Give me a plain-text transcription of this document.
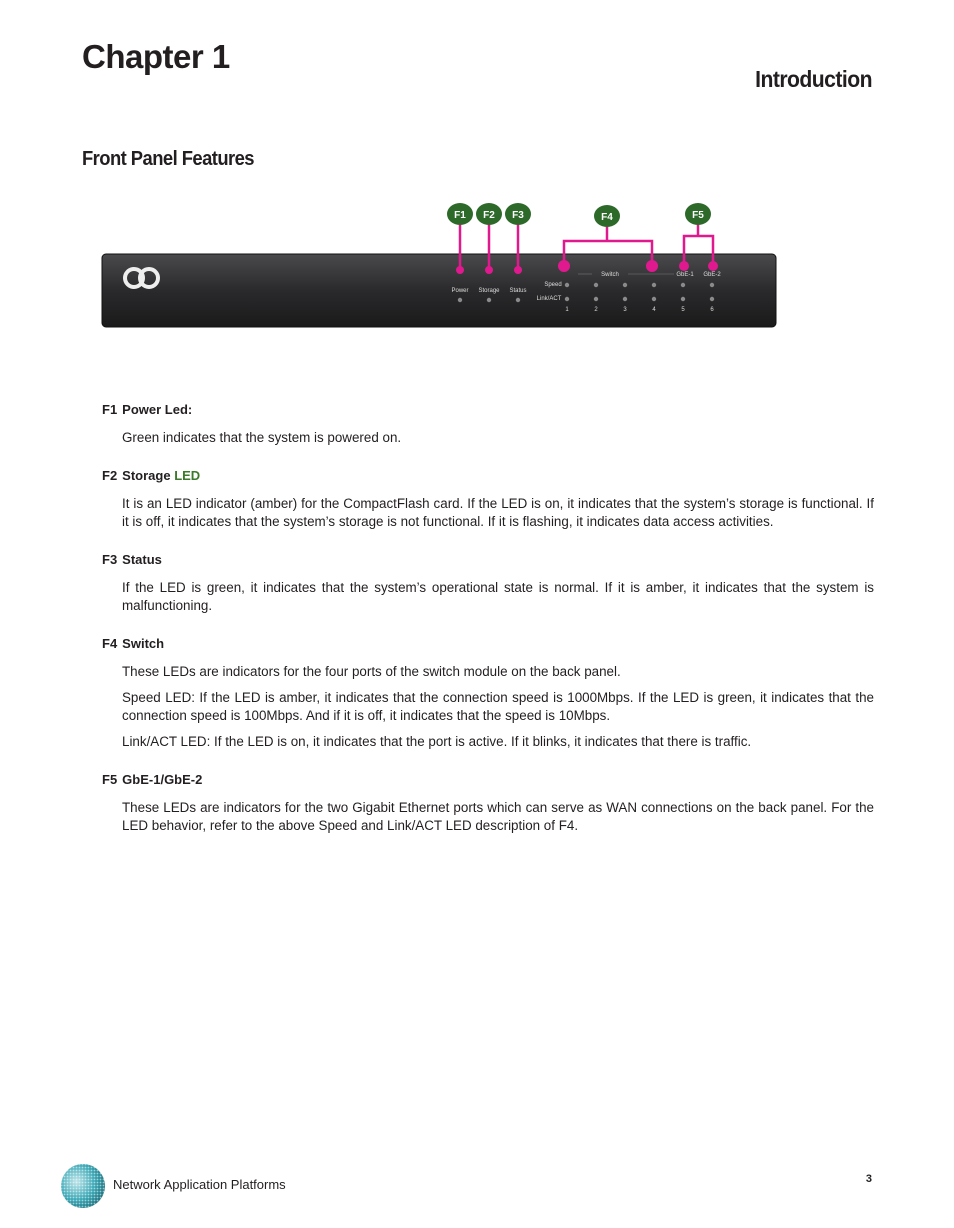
Chapter 1
Introduction
Front Panel Features
F1 F2 F3	F4	F5
Power Storage Status
Switch
Speed
Link/ACT
GbE-1 GbE-2
1	2	3	4	5	6
F1 Power Led:

Green indicates that the system is powered on.

F2 Storage LED

It is an LED indicator (amber) for the CompactFlash card. If the LED is on, it indicates that the system’s storage is functional. If it is off, it indicates that the system’s storage is not functional. If it is flashing, it indicates data access activities.

F3 Status

If the LED is green, it indicates that the system’s operational state is normal. If it is amber, it indicates that the system is malfunctioning.

F4 Switch

These LEDs are indicators for the four ports of the switch module on the back panel.

Speed LED: If the LED is amber, it indicates that the connection speed is 1000Mbps. If the LED is green, it indicates that the connection speed is 100Mbps. And if it is off, it indicates that the speed is 10Mbps.

Link/ACT LED: If the LED is on, it indicates that the port is active. If it blinks, it indicates that there is traffic.

F5 GbE-1/GbE-2

These LEDs are indicators for the two Gigabit Ethernet ports which can serve as WAN connections on the back panel. For the LED behavior, refer to the above Speed and Link/ACT LED description of F4.

Network Application Platforms	3
